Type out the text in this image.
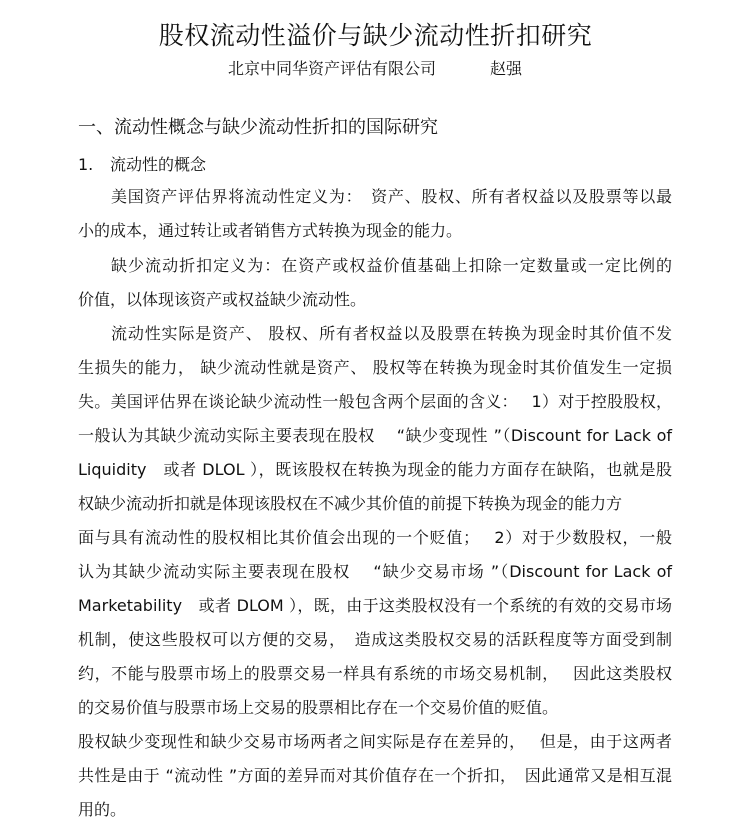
股权流动性溢价与缺少流动性折扣研究
北京中同华资产评估有限公司	赵强
一、流动性概念与缺少流动性折扣的国际研究
1. 流动性的概念
美国资产评估界将流动性定义为：　资产、股权、所有者权益以及股票等以最
小的成本，通过转让或者销售方式转换为现金的能力。
缺少流动折扣定义为：在资产或权益价值基础上扣除一定数量或一定比例的
价值，以体现该资产或权益缺少流动性。
流动性实际是资产、 股权、所有者权益以及股票在转换为现金时其价值不发
生损失的能力， 缺少流动性就是资产、 股权等在转换为现金时其价值发生一定损
失。美国评估界在谈论缺少流动性一般包含两个层面的含义：　 1）对于控股股权，
一般认为其缺少流动实际主要表现在股权　 “缺少变现性 ”（Discount for Lack of
Liquidity　或者 DLOL ），既该股权在转换为现金的能力方面存在缺陷，也就是股
权缺少流动折扣就是体现该股权在不减少其价值的前提下转换为现金的能力方
面与具有流动性的股权相比其价值会出现的一个贬值；　 2）对于少数股权，一般
认为其缺少流动实际主要表现在股权　 “缺少交易市场 ”（Discount for Lack of
Marketability　或者 DLOM ），既，由于这类股权没有一个系统的有效的交易市场
机制，使这些股权可以方便的交易，　造成这类股权交易的活跃程度等方面受到制
约，不能与股票市场上的股票交易一样具有系统的市场交易机制，　 因此这类股权
的交易价值与股票市场上交易的股票相比存在一个交易价值的贬值。
股权缺少变现性和缺少交易市场两者之间实际是存在差异的，　 但是，由于这两者
共性是由于 “流动性 ”方面的差异而对其价值存在一个折扣，　因此通常又是相互混
用的。
